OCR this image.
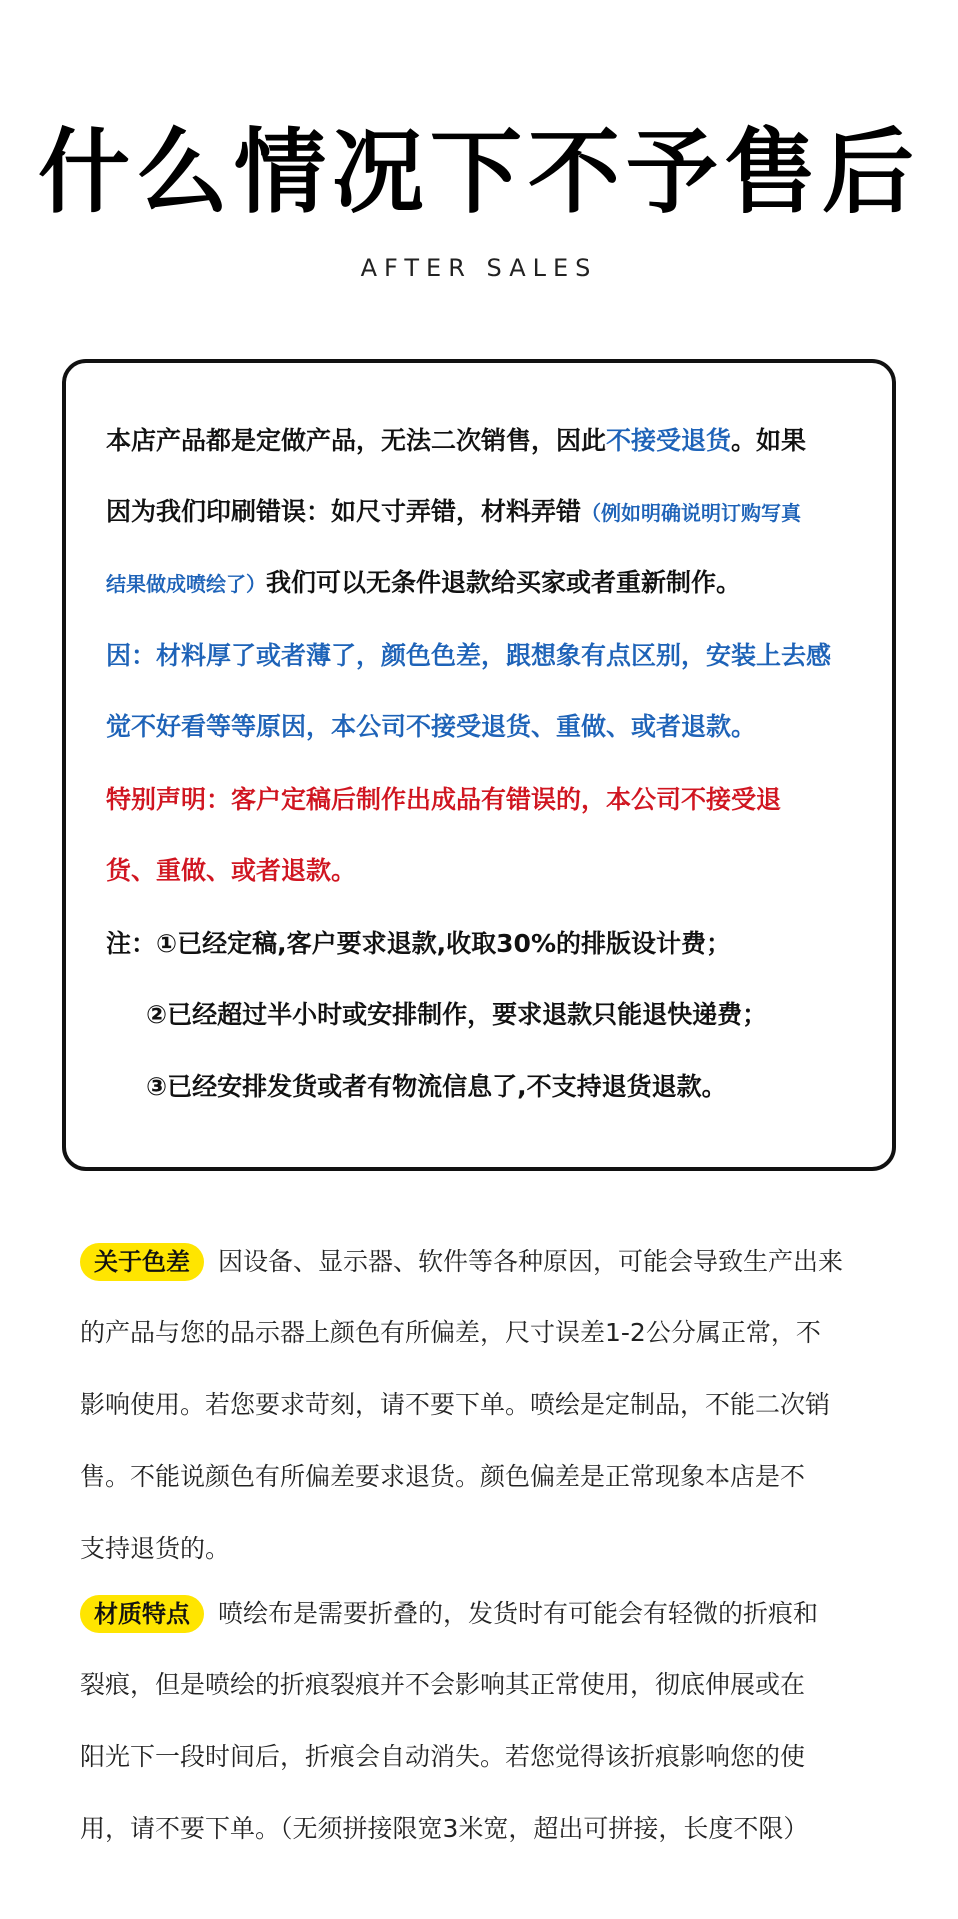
什么情况下不予售后
AFTER SALES
本店产品都是定做产品，无法二次销售，因此不接受退货。如果
因为我们印刷错误：如尺寸弄错，材料弄错（例如明确说明订购写真
结果做成喷绘了）我们可以无条件退款给买家或者重新制作。
因：材料厚了或者薄了，颜色色差，跟想象有点区别，安装上去感
觉不好看等等原因，本公司不接受退货、重做、或者退款。
特别声明：客户定稿后制作出成品有错误的，本公司不接受退
货、重做、或者退款。
注：①已经定稿,客户要求退款,收取30%的排版设计费；
②已经超过半小时或安排制作，要求退款只能退快递费；
③已经安排发货或者有物流信息了,不支持退货退款。
关于色差 因设备、显示器、软件等各种原因，可能会导致生产出来
的产品与您的品示器上颜色有所偏差，尺寸误差1-2公分属正常，不
影响使用。若您要求苛刻，请不要下单。喷绘是定制品，不能二次销
售。不能说颜色有所偏差要求退货。颜色偏差是正常现象本店是不
支持退货的。
材质特点 喷绘布是需要折叠的，发货时有可能会有轻微的折痕和
裂痕，但是喷绘的折痕裂痕并不会影响其正常使用，彻底伸展或在
阳光下一段时间后，折痕会自动消失。若您觉得该折痕影响您的使
用，请不要下单。（无须拼接限宽3米宽，超出可拼接，长度不限）
